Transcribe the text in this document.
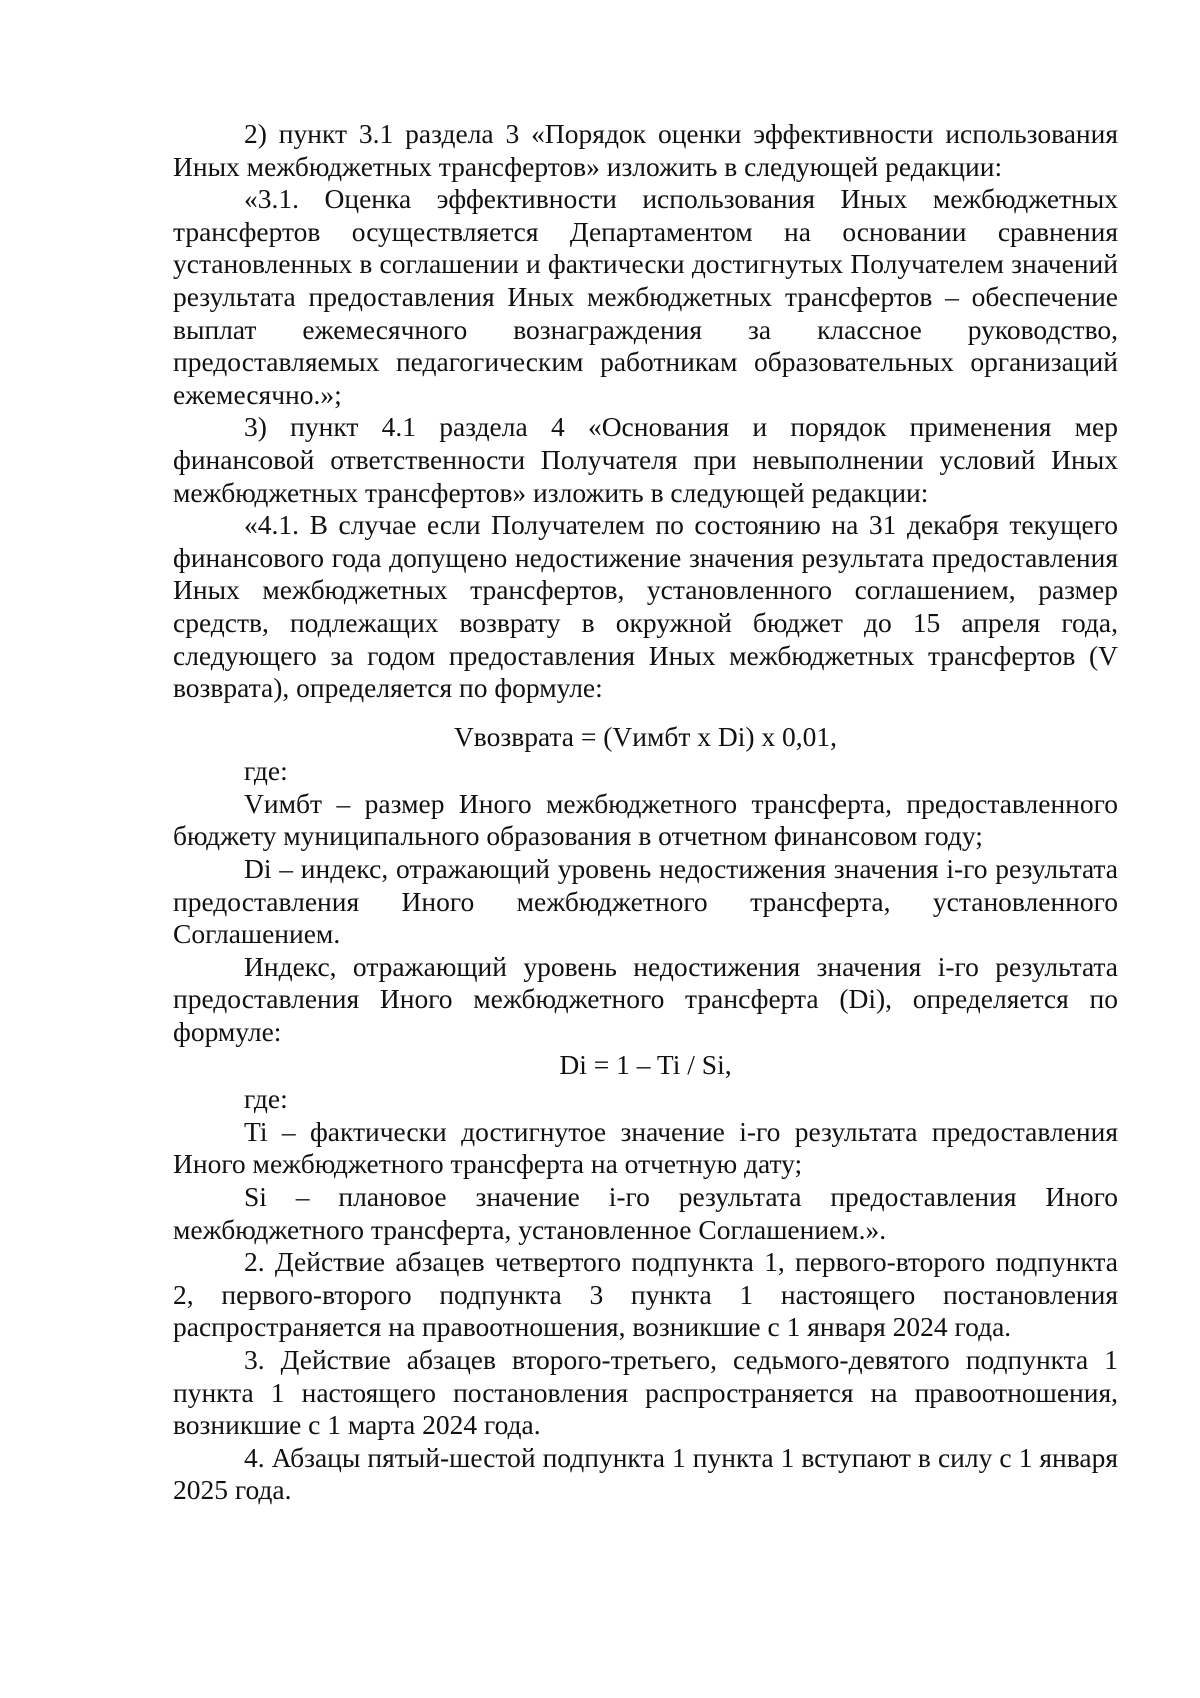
2) пункт 3.1 раздела 3 «Порядок оценки эффективности использования Иных межбюджетных трансфертов» изложить в следующей редакции:

«3.1. Оценка эффективности использования Иных межбюджетных трансфертов осуществляется Департаментом на основании сравнения установленных в соглашении и фактически достигнутых Получателем значений результата предоставления Иных межбюджетных трансфертов – обеспечение выплат ежемесячного вознаграждения за классное руководство, предоставляемых педагогическим работникам образовательных организаций ежемесячно.»;

3) пункт 4.1 раздела 4 «Основания и порядок применения мер финансовой ответственности Получателя при невыполнении условий Иных межбюджетных трансфертов» изложить в следующей редакции:

«4.1. В случае если Получателем по состоянию на 31 декабря текущего финансового года допущено недостижение значения результата предоставления Иных межбюджетных трансфертов, установленного соглашением, размер средств, подлежащих возврату в окружной бюджет до 15 апреля года, следующего за годом предоставления Иных межбюджетных трансфертов (V возврата), определяется по формуле:

Vвозврата = (Vимбт x Di) x 0,01,

где:

Vимбт – размер Иного межбюджетного трансферта, предоставленного бюджету муниципального образования в отчетном финансовом году;

Di – индекс, отражающий уровень недостижения значения i-го результата предоставления Иного межбюджетного трансферта, установленного Соглашением.

Индекс, отражающий уровень недостижения значения i-го результата предоставления Иного межбюджетного трансферта (Di), определяется по формуле:

Di = 1 – Ti / Si,

где:

Ti – фактически достигнутое значение i-го результата предоставления Иного межбюджетного трансферта на отчетную дату;

Si – плановое значение i-го результата предоставления Иного межбюджетного трансферта, установленное Соглашением.».

2. Действие абзацев четвертого подпункта 1, первого-второго подпункта 2, первого-второго подпункта 3 пункта 1 настоящего постановления распространяется на правоотношения, возникшие с 1 января 2024 года.

3. Действие абзацев второго-третьего, седьмого-девятого подпункта 1 пункта 1 настоящего постановления распространяется на правоотношения, возникшие с 1 марта 2024 года.

4. Абзацы пятый-шестой подпункта 1 пункта 1 вступают в силу с 1 января 2025 года.
